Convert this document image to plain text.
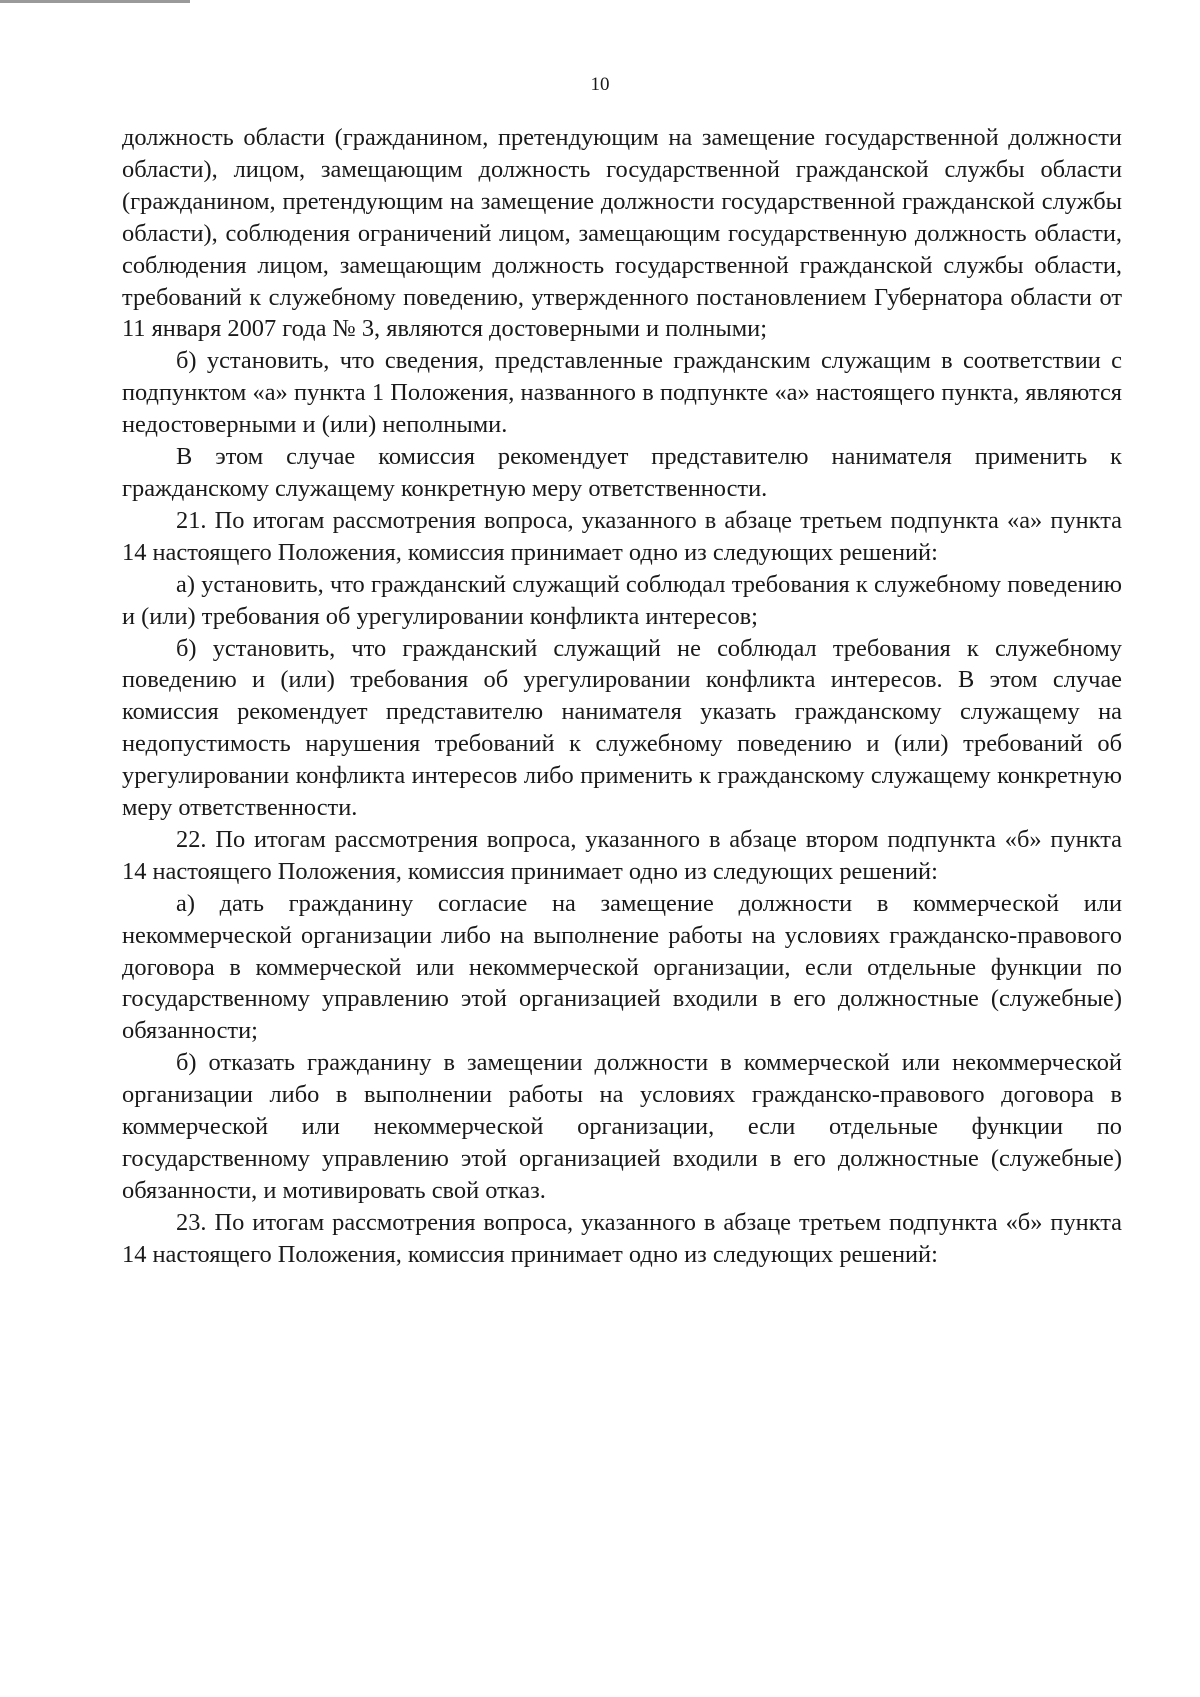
10

должность области (гражданином, претендующим на замещение государственной должности области), лицом, замещающим должность государственной гражданской службы области (гражданином, претендующим на замещение должности государственной гражданской службы области), соблюдения ограничений лицом, замещающим государственную должность области, соблюдения лицом, замещающим должность государственной гражданской службы области, требований к служебному поведению, утвержденного постановлением Губернатора области от 11 января 2007 года № 3, являются достоверными и полными;

б) установить, что сведения, представленные гражданским служащим в соответствии с подпунктом «а» пункта 1 Положения, названного в подпункте «а» настоящего пункта, являются недостоверными и (или) неполными.

В этом случае комиссия рекомендует представителю нанимателя применить к гражданскому служащему конкретную меру ответственности.

21. По итогам рассмотрения вопроса, указанного в абзаце третьем подпункта «а» пункта 14 настоящего Положения, комиссия принимает одно из следующих решений:

а) установить, что гражданский служащий соблюдал требования к служебному поведению и (или) требования об урегулировании конфликта интересов;

б) установить, что гражданский служащий не соблюдал требования к служебному поведению и (или) требования об урегулировании конфликта интересов. В этом случае комиссия рекомендует представителю нанимателя указать гражданскому служащему на недопустимость нарушения требований к служебному поведению и (или) требований об урегулировании конфликта интересов либо применить к гражданскому служащему конкретную меру ответственности.

22. По итогам рассмотрения вопроса, указанного в абзаце втором подпункта «б» пункта 14 настоящего Положения, комиссия принимает одно из следующих решений:

а) дать гражданину согласие на замещение должности в коммерческой или некоммерческой организации либо на выполнение работы на условиях гражданско-правового договора в коммерческой или некоммерческой организации, если отдельные функции по государственному управлению этой организацией входили в его должностные (служебные) обязанности;

б) отказать гражданину в замещении должности в коммерческой или некоммерческой организации либо в выполнении работы на условиях гражданско-правового договора в коммерческой или некоммерческой организации, если отдельные функции по государственному управлению этой организацией входили в его должностные (служебные) обязанности, и мотивировать свой отказ.

23. По итогам рассмотрения вопроса, указанного в абзаце третьем подпункта «б» пункта 14 настоящего Положения, комиссия принимает одно из следующих решений:
